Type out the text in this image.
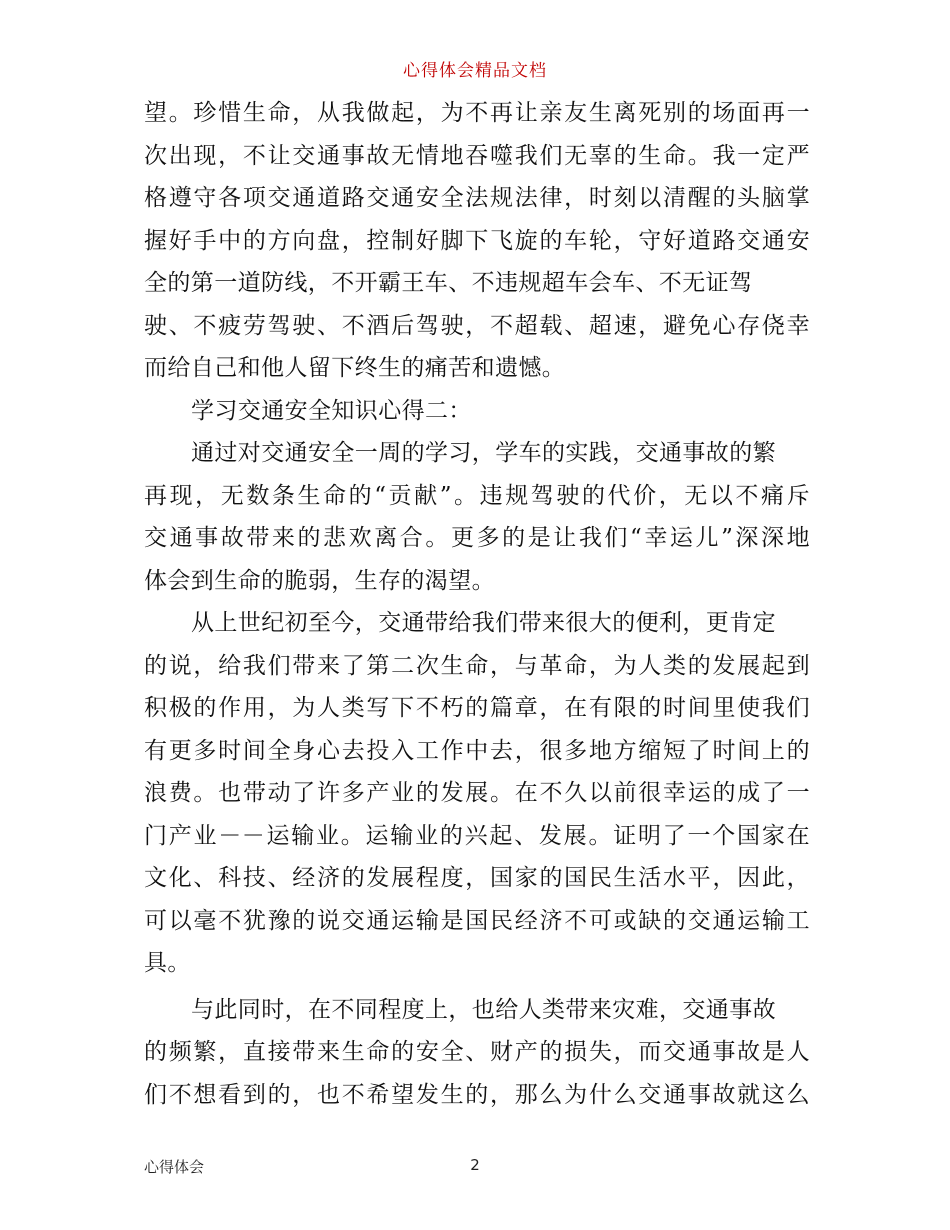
心得体会精品文档
望。珍惜生命，从我做起，为不再让亲友生离死别的场面再一
次出现，不让交通事故无情地吞噬我们无辜的生命。我一定严
格遵守各项交通道路交通安全法规法律，时刻以清醒的头脑掌
握好手中的方向盘，控制好脚下飞旋的车轮，守好道路交通安
全的第一道防线，不开霸王车、不违规超车会车、不无证驾
驶、不疲劳驾驶、不酒后驾驶，不超载、超速，避免心存侥幸
而给自己和他人留下终生的痛苦和遗憾。
学习交通安全知识心得二：
通过对交通安全一周的学习，学车的实践，交通事故的繁
再现，无数条生命的“贡献”。违规驾驶的代价，无以不痛斥
交通事故带来的悲欢离合。更多的是让我们“幸运儿”深深地
体会到生命的脆弱，生存的渴望。
从上世纪初至今，交通带给我们带来很大的便利，更肯定
的说，给我们带来了第二次生命，与革命，为人类的发展起到
积极的作用，为人类写下不朽的篇章，在有限的时间里使我们
有更多时间全身心去投入工作中去，很多地方缩短了时间上的
浪费。也带动了许多产业的发展。在不久以前很幸运的成了一
门产业－－运输业。运输业的兴起、发展。证明了一个国家在
文化、科技、经济的发展程度，国家的国民生活水平，因此，
可以毫不犹豫的说交通运输是国民经济不可或缺的交通运输工
具。
与此同时，在不同程度上，也给人类带来灾难，交通事故
的频繁，直接带来生命的安全、财产的损失，而交通事故是人
们不想看到的，也不希望发生的，那么为什么交通事故就这么
心得体会	2
